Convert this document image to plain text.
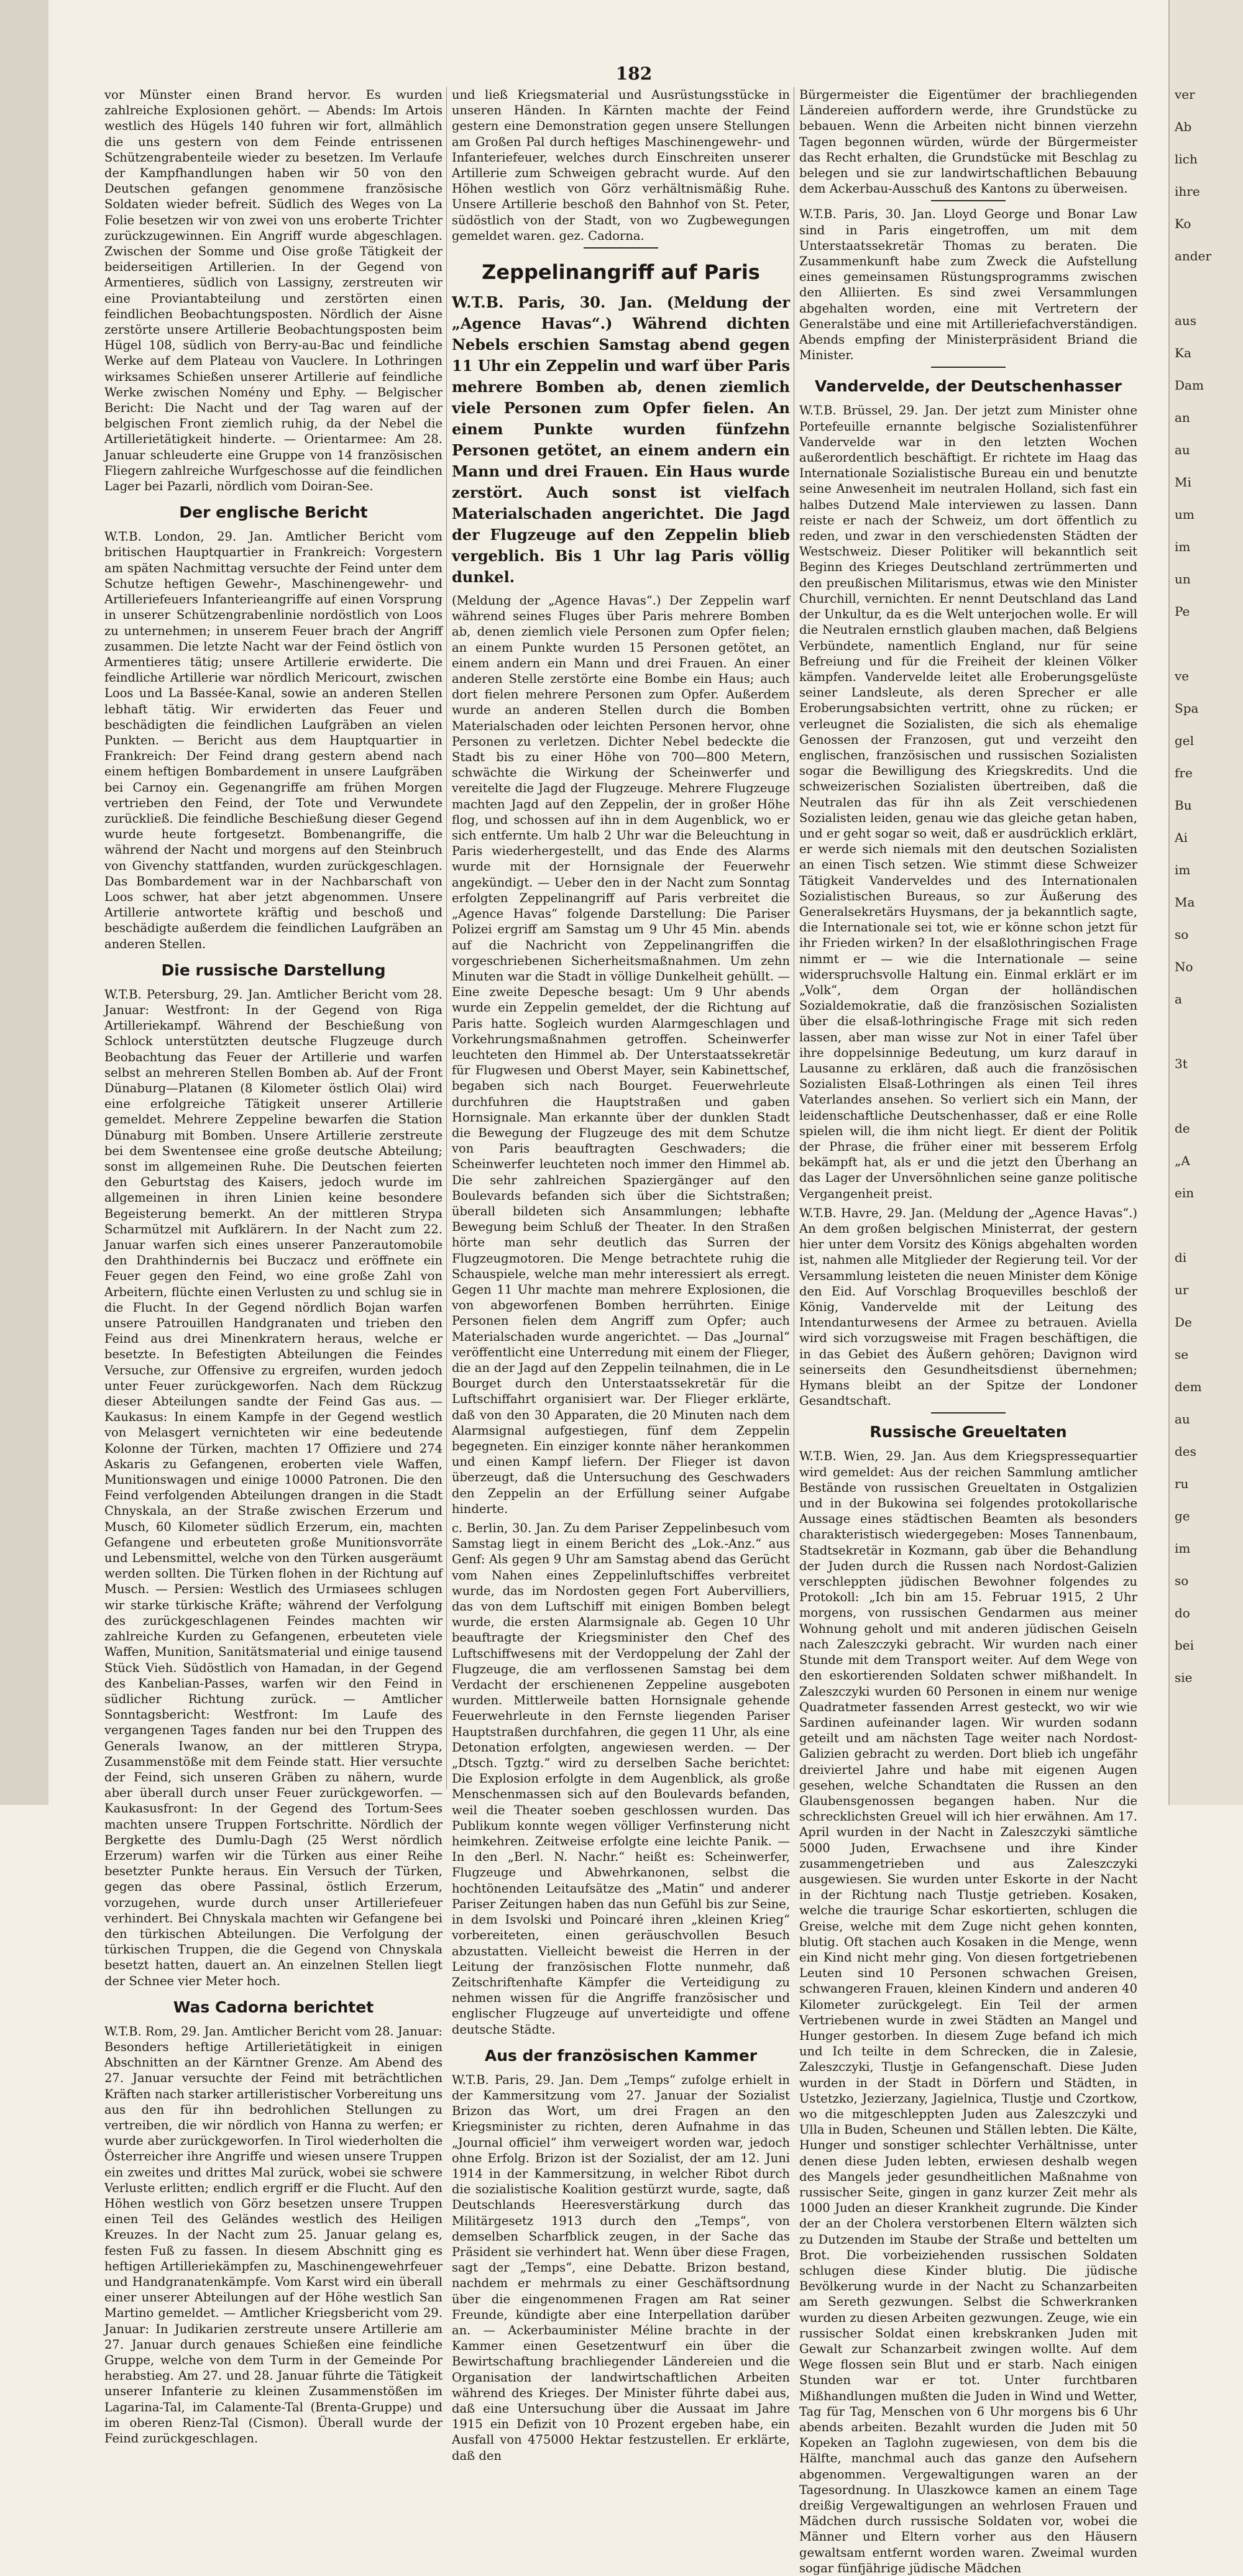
182

vor Münster einen Brand hervor. Es wurden zahlreiche Explosionen gehört. — Abends: Im Artois westlich des Hügels 140 fuhren wir fort, allmählich die uns gestern von dem Feinde entrissenen Schützengrabenteile wieder zu besetzen. Im Verlaufe der Kampfhandlungen haben wir 50 von den Deutschen gefangen genommene französische Soldaten wieder befreit. Südlich des Weges von La Folie besetzen wir von zwei von uns eroberte Trichter zurückzugewinnen. Ein Angriff wurde abgeschlagen. Zwischen der Somme und Oise große Tätigkeit der beiderseitigen Artillerien. In der Gegend von Armentieres, südlich von Lassigny, zerstreuten wir eine Proviantabteilung und zerstörten einen feindlichen Beobachtungsposten. Nördlich der Aisne zerstörte unsere Artillerie Beobachtungsposten beim Hügel 108, südlich von Berry-au-Bac und feindliche Werke auf dem Plateau von Vauclere. In Lothringen wirksames Schießen unserer Artillerie auf feindliche Werke zwischen Nomény und Ephy. — Belgischer Bericht: Die Nacht und der Tag waren auf der belgischen Front ziemlich ruhig, da der Nebel die Artillerietätigkeit hinderte. — Orientarmee: Am 28. Januar schleuderte eine Gruppe von 14 französischen Fliegern zahlreiche Wurfgeschosse auf die feindlichen Lager bei Pazarli, nördlich vom Doiran-See.

Der englische Bericht

W.T.B. London, 29. Jan. Amtlicher Bericht vom britischen Hauptquartier in Frankreich: Vorgestern am späten Nachmittag versuchte der Feind unter dem Schutze heftigen Gewehr-, Maschinengewehr- und Artilleriefeuers Infanterieangriffe auf einen Vorsprung in unserer Schützengrabenlinie nordöstlich von Loos zu unternehmen; in unserem Feuer brach der Angriff zusammen. Die letzte Nacht war der Feind östlich von Armentieres tätig; unsere Artillerie erwiderte. Die feindliche Artillerie war nördlich Mericourt, zwischen Loos und La Bassée-Kanal, sowie an anderen Stellen lebhaft tätig. Wir erwiderten das Feuer und beschädigten die feindlichen Laufgräben an vielen Punkten. — Bericht aus dem Hauptquartier in Frankreich: Der Feind drang gestern abend nach einem heftigen Bombardement in unsere Laufgräben bei Carnoy ein. Gegenangriffe am frühen Morgen vertrieben den Feind, der Tote und Verwundete zurückließ. Die feindliche Beschießung dieser Gegend wurde heute fortgesetzt. Bombenangriffe, die während der Nacht und morgens auf den Steinbruch von Givenchy stattfanden, wurden zurückgeschlagen. Das Bombardement war in der Nachbarschaft von Loos schwer, hat aber jetzt abgenommen. Unsere Artillerie antwortete kräftig und beschoß und beschädigte außerdem die feindlichen Laufgräben an anderen Stellen.

Die russische Darstellung

W.T.B. Petersburg, 29. Jan. Amtlicher Bericht vom 28. Januar: Westfront: In der Gegend von Riga Artilleriekampf. Während der Beschießung von Schlock unterstützten deutsche Flugzeuge durch Beobachtung das Feuer der Artillerie und warfen selbst an mehreren Stellen Bomben ab. Auf der Front Dünaburg—Platanen (8 Kilometer östlich Olai) wird eine erfolgreiche Tätigkeit unserer Artillerie gemeldet. Mehrere Zeppeline bewarfen die Station Dünaburg mit Bomben. Unsere Artillerie zerstreute bei dem Swentensee eine große deutsche Abteilung; sonst im allgemeinen Ruhe. Die Deutschen feierten den Geburtstag des Kaisers, jedoch wurde im allgemeinen in ihren Linien keine besondere Begeisterung bemerkt. An der mittleren Strypa Scharmützel mit Aufklärern. In der Nacht zum 22. Januar warfen sich eines unserer Panzerautomobile den Drahthindernis bei Buczacz und eröffnete ein Feuer gegen den Feind, wo eine große Zahl von Arbeitern, flüchte einen Verlusten zu und schlug sie in die Flucht. In der Gegend nördlich Bojan warfen unsere Patrouillen Handgranaten und trieben den Feind aus drei Minenkratern heraus, welche er besetzte. In Befestigten Abteilungen die Feindes Versuche, zur Offensive zu ergreifen, wurden jedoch unter Feuer zurückgeworfen. Nach dem Rückzug dieser Abteilungen sandte der Feind Gas aus. — Kaukasus: In einem Kampfe in der Gegend westlich von Melasgert vernichteten wir eine bedeutende Kolonne der Türken, machten 17 Offiziere und 274 Askaris zu Gefangenen, eroberten viele Waffen, Munitionswagen und einige 10000 Patronen. Die den Feind verfolgenden Abteilungen drangen in die Stadt Chnyskala, an der Straße zwischen Erzerum und Musch, 60 Kilometer südlich Erzerum, ein, machten Gefangene und erbeuteten große Munitionsvorräte und Lebensmittel, welche von den Türken ausgeräumt werden sollten. Die Türken flohen in der Richtung auf Musch. — Persien: Westlich des Urmiasees schlugen wir starke türkische Kräfte; während der Verfolgung des zurückgeschlagenen Feindes machten wir zahlreiche Kurden zu Gefangenen, erbeuteten viele Waffen, Munition, Sanitätsmaterial und einige tausend Stück Vieh. Südöstlich von Hamadan, in der Gegend des Kanbelian-Passes, warfen wir den Feind in südlicher Richtung zurück. — Amtlicher Sonntagsbericht: Westfront: Im Laufe des vergangenen Tages fanden nur bei den Truppen des Generals Iwanow, an der mittleren Strypa, Zusammenstöße mit dem Feinde statt. Hier versuchte der Feind, sich unseren Gräben zu nähern, wurde aber überall durch unser Feuer zurückgeworfen. — Kaukasusfront: In der Gegend des Tortum-Sees machten unsere Truppen Fortschritte. Nördlich der Bergkette des Dumlu-Dagh (25 Werst nördlich Erzerum) warfen wir die Türken aus einer Reihe besetzter Punkte heraus. Ein Versuch der Türken, gegen das obere Passinal, östlich Erzerum, vorzugehen, wurde durch unser Artilleriefeuer verhindert. Bei Chnyskala machten wir Gefangene bei den türkischen Abteilungen. Die Verfolgung der türkischen Truppen, die die Gegend von Chnyskala besetzt hatten, dauert an. An einzelnen Stellen liegt der Schnee vier Meter hoch.

Was Cadorna berichtet

W.T.B. Rom, 29. Jan. Amtlicher Bericht vom 28. Januar: Besonders heftige Artillerietätigkeit in einigen Abschnitten an der Kärntner Grenze. Am Abend des 27. Januar versuchte der Feind mit beträchtlichen Kräften nach starker artilleristischer Vorbereitung uns aus den für ihn bedrohlichen Stellungen zu vertreiben, die wir nördlich von Hanna zu werfen; er wurde aber zurückgeworfen. In Tirol wiederholten die Österreicher ihre Angriffe und wiesen unsere Truppen ein zweites und drittes Mal zurück, wobei sie schwere Verluste erlitten; endlich ergriff er die Flucht. Auf den Höhen westlich von Görz besetzen unsere Truppen einen Teil des Geländes westlich des Heiligen Kreuzes. In der Nacht zum 25. Januar gelang es, festen Fuß zu fassen. In diesem Abschnitt ging es heftigen Artilleriekämpfen zu, Maschinengewehrfeuer und Handgranatenkämpfe. Vom Karst wird ein überall einer unserer Abteilungen auf der Höhe westlich San Martino gemeldet. — Amtlicher Kriegsbericht vom 29. Januar: In Judikarien zerstreute unsere Artillerie am 27. Januar durch genaues Schießen eine feindliche Gruppe, welche von dem Turm in der Gemeinde Por herabstieg. Am 27. und 28. Januar führte die Tätigkeit unserer Infanterie zu kleinen Zusammenstößen im Lagarina-Tal, im Calamente-Tal (Brenta-Gruppe) und im oberen Rienz-Tal (Cismon). Überall wurde der Feind zurückgeschlagen.

und ließ Kriegsmaterial und Ausrüstungsstücke in unseren Händen. In Kärnten machte der Feind gestern eine Demonstration gegen unsere Stellungen am Großen Pal durch heftiges Maschinengewehr- und Infanteriefeuer, welches durch Einschreiten unserer Artillerie zum Schweigen gebracht wurde. Auf den Höhen westlich von Görz verhältnismäßig Ruhe. Unsere Artillerie beschoß den Bahnhof von St. Peter, südöstlich von der Stadt, von wo Zugbewegungen gemeldet waren. gez. Cadorna.

Zeppelinangriff auf Paris

W.T.B. Paris, 30. Jan. (Meldung der „Agence Havas“.) Während dichten Nebels erschien Samstag abend gegen 11 Uhr ein Zeppelin und warf über Paris mehrere Bomben ab, denen ziemlich viele Personen zum Opfer fielen. An einem Punkte wurden fünfzehn Personen getötet, an einem andern ein Mann und drei Frauen. Ein Haus wurde zerstört. Auch sonst ist vielfach Materialschaden angerichtet. Die Jagd der Flugzeuge auf den Zeppelin blieb vergeblich. Bis 1 Uhr lag Paris völlig dunkel.

(Meldung der „Agence Havas“.) Der Zeppelin warf während seines Fluges über Paris mehrere Bomben ab, denen ziemlich viele Personen zum Opfer fielen; an einem Punkte wurden 15 Personen getötet, an einem andern ein Mann und drei Frauen. An einer anderen Stelle zerstörte eine Bombe ein Haus; auch dort fielen mehrere Personen zum Opfer. Außerdem wurde an anderen Stellen durch die Bomben Materialschaden oder leichten Personen hervor, ohne Personen zu verletzen. Dichter Nebel bedeckte die Stadt bis zu einer Höhe von 700—800 Metern, schwächte die Wirkung der Scheinwerfer und vereitelte die Jagd der Flugzeuge. Mehrere Flugzeuge machten Jagd auf den Zeppelin, der in großer Höhe flog, und schossen auf ihn in dem Augenblick, wo er sich entfernte. Um halb 2 Uhr war die Beleuchtung in Paris wiederhergestellt, und das Ende des Alarms wurde mit der Hornsignale der Feuerwehr angekündigt. — Ueber den in der Nacht zum Sonntag erfolgten Zeppelinangriff auf Paris verbreitet die „Agence Havas“ folgende Darstellung: Die Pariser Polizei ergriff am Samstag um 9 Uhr 45 Min. abends auf die Nachricht von Zeppelinangriffen die vorgeschriebenen Sicherheitsmaßnahmen. Um zehn Minuten war die Stadt in völlige Dunkelheit gehüllt. — Eine zweite Depesche besagt: Um 9 Uhr abends wurde ein Zeppelin gemeldet, der die Richtung auf Paris hatte. Sogleich wurden Alarmgeschlagen und Vorkehrungsmaßnahmen getroffen. Scheinwerfer leuchteten den Himmel ab. Der Unterstaatssekretär für Flugwesen und Oberst Mayer, sein Kabinettschef, begaben sich nach Bourget. Feuerwehrleute durchfuhren die Hauptstraßen und gaben Hornsignale. Man erkannte über der dunklen Stadt die Bewegung der Flugzeuge des mit dem Schutze von Paris beauftragten Geschwaders; die Scheinwerfer leuchteten noch immer den Himmel ab. Die sehr zahlreichen Spaziergänger auf den Boulevards befanden sich über die Sichtstraßen; überall bildeten sich Ansammlungen; lebhafte Bewegung beim Schluß der Theater. In den Straßen hörte man sehr deutlich das Surren der Flugzeugmotoren. Die Menge betrachtete ruhig die Schauspiele, welche man mehr interessiert als erregt. Gegen 11 Uhr machte man mehrere Explosionen, die von abgeworfenen Bomben herrührten. Einige Personen fielen dem Angriff zum Opfer; auch Materialschaden wurde angerichtet. — Das „Journal“ veröffentlicht eine Unterredung mit einem der Flieger, die an der Jagd auf den Zeppelin teilnahmen, die in Le Bourget durch den Unterstaatssekretär für die Luftschiffahrt organisiert war. Der Flieger erklärte, daß von den 30 Apparaten, die 20 Minuten nach dem Alarmsignal aufgestiegen, fünf dem Zeppelin begegneten. Ein einziger konnte näher herankommen und einen Kampf liefern. Der Flieger ist davon überzeugt, daß die Untersuchung des Geschwaders den Zeppelin an der Erfüllung seiner Aufgabe hinderte.

c. Berlin, 30. Jan. Zu dem Pariser Zeppelinbesuch vom Samstag liegt in einem Bericht des „Lok.-Anz.“ aus Genf: Als gegen 9 Uhr am Samstag abend das Gerücht vom Nahen eines Zeppelinluftschiffes verbreitet wurde, das im Nordosten gegen Fort Aubervilliers, das von dem Luftschiff mit einigen Bomben belegt wurde, die ersten Alarmsignale ab. Gegen 10 Uhr beauftragte der Kriegsminister den Chef des Luftschiffwesens mit der Verdoppelung der Zahl der Flugzeuge, die am verflossenen Samstag bei dem Verdacht der erschienenen Zeppeline ausgeboten wurden. Mittlerweile batten Hornsignale gehende Feuerwehrleute in den Fernste liegenden Pariser Hauptstraßen durchfahren, die gegen 11 Uhr, als eine Detonation erfolgten, angewiesen werden. — Der „Dtsch. Tgztg.“ wird zu derselben Sache berichtet: Die Explosion erfolgte in dem Augenblick, als große Menschenmassen sich auf den Boulevards befanden, weil die Theater soeben geschlossen wurden. Das Publikum konnte wegen völliger Verfinsterung nicht heimkehren. Zeitweise erfolgte eine leichte Panik. — In den „Berl. N. Nachr.“ heißt es: Scheinwerfer, Flugzeuge und Abwehrkanonen, selbst die hochtönenden Leitaufsätze des „Matin“ und anderer Pariser Zeitungen haben das nun Gefühl bis zur Seine, in dem Isvolski und Poincaré ihren „kleinen Krieg“ vorbereiteten, einen geräuschvollen Besuch abzustatten. Vielleicht beweist die Herren in der Leitung der französischen Flotte nunmehr, daß Zeitschriftenhafte Kämpfer die Verteidigung zu nehmen wissen für die Angriffe französischer und englischer Flugzeuge auf unverteidigte und offene deutsche Städte.

Aus der französischen Kammer

W.T.B. Paris, 29. Jan. Dem „Temps“ zufolge erhielt in der Kammersitzung vom 27. Januar der Sozialist Brizon das Wort, um drei Fragen an den Kriegsminister zu richten, deren Aufnahme in das „Journal officiel“ ihm verweigert worden war, jedoch ohne Erfolg. Brizon ist der Sozialist, der am 12. Juni 1914 in der Kammersitzung, in welcher Ribot durch die sozialistische Koalition gestürzt wurde, sagte, daß Deutschlands Heeresverstärkung durch das Militärgesetz 1913 durch den „Temps“, von demselben Scharfblick zeugen, in der Sache das Präsident sie verhindert hat. Wenn über diese Fragen, sagt der „Temps“, eine Debatte. Brizon bestand, nachdem er mehrmals zu einer Geschäftsordnung über die eingenommenen Fragen am Rat seiner Freunde, kündigte aber eine Interpellation darüber an. — Ackerbauminister Méline brachte in der Kammer einen Gesetzentwurf ein über die Bewirtschaftung brachliegender Ländereien und die Organisation der landwirtschaftlichen Arbeiten während des Krieges. Der Minister führte dabei aus, daß eine Untersuchung über die Aussaat im Jahre 1915 ein Defizit von 10 Prozent ergeben habe, ein Ausfall von 475000 Hektar festzustellen. Er erklärte, daß den

Bürgermeister die Eigentümer der brachliegenden Ländereien auffordern werde, ihre Grundstücke zu bebauen. Wenn die Arbeiten nicht binnen vierzehn Tagen begonnen würden, würde der Bürgermeister das Recht erhalten, die Grundstücke mit Beschlag zu belegen und sie zur landwirtschaftlichen Bebauung dem Ackerbau-Ausschuß des Kantons zu überweisen.

W.T.B. Paris, 30. Jan. Lloyd George und Bonar Law sind in Paris eingetroffen, um mit dem Unterstaatssekretär Thomas zu beraten. Die Zusammenkunft habe zum Zweck die Aufstellung eines gemeinsamen Rüstungsprogramms zwischen den Alliierten. Es sind zwei Versammlungen abgehalten worden, eine mit Vertretern der Generalstäbe und eine mit Artilleriefachverständigen. Abends empfing der Ministerpräsident Briand die Minister.

Vandervelde, der Deutschenhasser

W.T.B. Brüssel, 29. Jan. Der jetzt zum Minister ohne Portefeuille ernannte belgische Sozialistenführer Vandervelde war in den letzten Wochen außerordentlich beschäftigt. Er richtete im Haag das Internationale Sozialistische Bureau ein und benutzte seine Anwesenheit im neutralen Holland, sich fast ein halbes Dutzend Male interviewen zu lassen. Dann reiste er nach der Schweiz, um dort öffentlich zu reden, und zwar in den verschiedensten Städten der Westschweiz. Dieser Politiker will bekanntlich seit Beginn des Krieges Deutschland zertrümmerten und den preußischen Militarismus, etwas wie den Minister Churchill, vernichten. Er nennt Deutschland das Land der Unkultur, da es die Welt unterjochen wolle. Er will die Neutralen ernstlich glauben machen, daß Belgiens Verbündete, namentlich England, nur für seine Befreiung und für die Freiheit der kleinen Völker kämpfen. Vandervelde leitet alle Eroberungsgelüste seiner Landsleute, als deren Sprecher er alle Eroberungsabsichten vertritt, ohne zu rücken; er verleugnet die Sozialisten, die sich als ehemalige Genossen der Franzosen, gut und verzeiht den englischen, französischen und russischen Sozialisten sogar die Bewilligung des Kriegskredits. Und die schweizerischen Sozialisten übertreiben, daß die Neutralen das für ihn als Zeit verschiedenen Sozialisten leiden, genau wie das gleiche getan haben, und er geht sogar so weit, daß er ausdrücklich erklärt, er werde sich niemals mit den deutschen Sozialisten an einen Tisch setzen. Wie stimmt diese Schweizer Tätigkeit Vanderveldes und des Internationalen Sozialistischen Bureaus, so zur Äußerung des Generalsekretärs Huysmans, der ja bekanntlich sagte, die Internationale sei tot, wie er könne schon jetzt für ihr Frieden wirken? In der elsaßlothringischen Frage nimmt er — wie die Internationale — seine widerspruchsvolle Haltung ein. Einmal erklärt er im „Volk“, dem Organ der holländischen Sozialdemokratie, daß die französischen Sozialisten über die elsaß-lothringische Frage mit sich reden lassen, aber man wisse zur Not in einer Tafel über ihre doppelsinnige Bedeutung, um kurz darauf in Lausanne zu erklären, daß auch die französischen Sozialisten Elsaß-Lothringen als einen Teil ihres Vaterlandes ansehen. So verliert sich ein Mann, der leidenschaftliche Deutschenhasser, daß er eine Rolle spielen will, die ihm nicht liegt. Er dient der Politik der Phrase, die früher einer mit besserem Erfolg bekämpft hat, als er und die jetzt den Überhang an das Lager der Unversöhnlichen seine ganze politische Vergangenheit preist.

W.T.B. Havre, 29. Jan. (Meldung der „Agence Havas“.) An dem großen belgischen Ministerrat, der gestern hier unter dem Vorsitz des Königs abgehalten worden ist, nahmen alle Mitglieder der Regierung teil. Vor der Versammlung leisteten die neuen Minister dem Könige den Eid. Auf Vorschlag Broquevilles beschloß der König, Vandervelde mit der Leitung des Intendanturwesens der Armee zu betrauen. Aviella wird sich vorzugsweise mit Fragen beschäftigen, die in das Gebiet des Äußern gehören; Davignon wird seinerseits den Gesundheitsdienst übernehmen; Hymans bleibt an der Spitze der Londoner Gesandtschaft.

Russische Greueltaten

W.T.B. Wien, 29. Jan. Aus dem Kriegspressequartier wird gemeldet: Aus der reichen Sammlung amtlicher Bestände von russischen Greueltaten in Ostgalizien und in der Bukowina sei folgendes protokollarische Aussage eines städtischen Beamten als besonders charakteristisch wiedergegeben: Moses Tannenbaum, Stadtsekretär in Kozmann, gab über die Behandlung der Juden durch die Russen nach Nordost-Galizien verschleppten jüdischen Bewohner folgendes zu Protokoll: „Ich bin am 15. Februar 1915, 2 Uhr morgens, von russischen Gendarmen aus meiner Wohnung geholt und mit anderen jüdischen Geiseln nach Zaleszczyki gebracht. Wir wurden nach einer Stunde mit dem Transport weiter. Auf dem Wege von den eskortierenden Soldaten schwer mißhandelt. In Zaleszczyki wurden 60 Personen in einem nur wenige Quadratmeter fassenden Arrest gesteckt, wo wir wie Sardinen aufeinander lagen. Wir wurden sodann geteilt und am nächsten Tage weiter nach Nordost-Galizien gebracht zu werden. Dort blieb ich ungefähr dreiviertel Jahre und habe mit eigenen Augen gesehen, welche Schandtaten die Russen an den Glaubensgenossen begangen haben. Nur die schrecklichsten Greuel will ich hier erwähnen. Am 17. April wurden in der Nacht in Zaleszczyki sämtliche 5000 Juden, Erwachsene und ihre Kinder zusammengetrieben und aus Zaleszczyki ausgewiesen. Sie wurden unter Eskorte in der Nacht in der Richtung nach Tlustje getrieben. Kosaken, welche die traurige Schar eskortierten, schlugen die Greise, welche mit dem Zuge nicht gehen konnten, blutig. Oft stachen auch Kosaken in die Menge, wenn ein Kind nicht mehr ging. Von diesen fortgetriebenen Leuten sind 10 Personen schwachen Greisen, schwangeren Frauen, kleinen Kindern und anderen 40 Kilometer zurückgelegt. Ein Teil der armen Vertriebenen wurde in zwei Städten an Mangel und Hunger gestorben. In diesem Zuge befand ich mich und Ich teilte in dem Schrecken, die in Zalesie, Zaleszczyki, Tlustje in Gefangenschaft. Diese Juden wurden in der Stadt in Dörfern und Städten, in Ustetzko, Jezierzany, Jagielnica, Tlustje und Czortkow, wo die mitgeschleppten Juden aus Zaleszczyki und Ulla in Buden, Scheunen und Ställen lebten. Die Kälte, Hunger und sonstiger schlechter Verhältnisse, unter denen diese Juden lebten, erwiesen deshalb wegen des Mangels jeder gesundheitlichen Maßnahme von russischer Seite, gingen in ganz kurzer Zeit mehr als 1000 Juden an dieser Krankheit zugrunde. Die Kinder der an der Cholera verstorbenen Eltern wälzten sich zu Dutzenden im Staube der Straße und bettelten um Brot. Die vorbeiziehenden russischen Soldaten schlugen diese Kinder blutig. Die jüdische Bevölkerung wurde in der Nacht zu Schanzarbeiten am Sereth gezwungen. Selbst die Schwerkranken wurden zu diesen Arbeiten gezwungen. Zeuge, wie ein russischer Soldat einen krebskranken Juden mit Gewalt zur Schanzarbeit zwingen wollte. Auf dem Wege flossen sein Blut und er starb. Nach einigen Stunden war er tot. Unter furchtbaren Mißhandlungen mußten die Juden in Wind und Wetter, Tag für Tag, Menschen von 6 Uhr morgens bis 6 Uhr abends arbeiten. Bezahlt wurden die Juden mit 50 Kopeken an Taglohn zugewiesen, von dem bis die Hälfte, manchmal auch das ganze den Aufsehern abgenommen. Vergewaltigungen waren an der Tagesordnung. In Ulaszkowce kamen an einem Tage dreißig Vergewaltigungen an wehrlosen Frauen und Mädchen durch russische Soldaten vor, wobei die Männer und Eltern vorher aus den Häusern gewaltsam entfernt worden waren. Zweimal wurden sogar fünfjährige jüdische Mädchen

ver
Ab
lich
ihre
Ko
ander
aus
Ka
Dam
an
au
Mi
um
im
un
Pe
ve
Spa
gel
fre
Bu
Ai
im
Ma
so
No
a
3t
de
„A
ein
di
ur
De
se
dem
au
des
ru
ge
im
so
do
bei
sie
